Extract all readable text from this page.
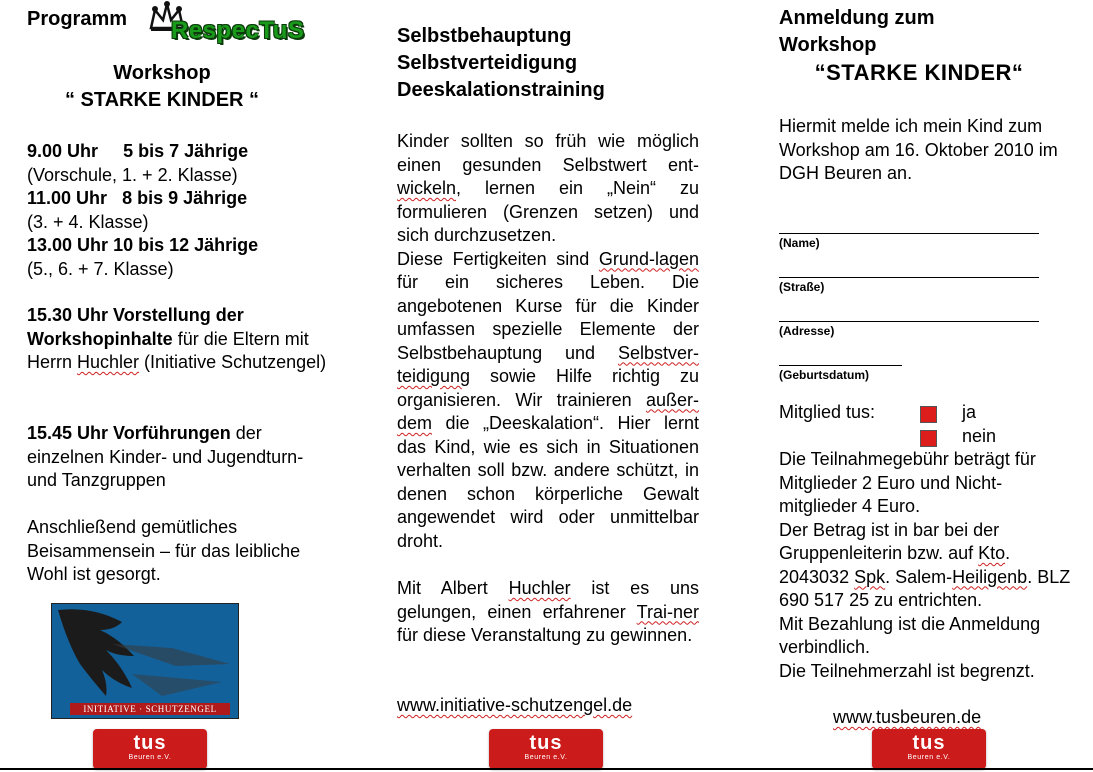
Programm RespecTuS
Workshop
“ STARKE KINDER “
9.00 Uhr 5 bis 7 Jährige
(Vorschule, 1. + 2. Klasse)
11.00 Uhr 8 bis 9 Jährige
(3. + 4. Klasse)
13.00 Uhr 10 bis 12 Jährige
(5., 6. + 7. Klasse)
15.30 Uhr Vorstellung der Workshopinhalte für die Eltern mit Herrn Huchler (Initiative Schutzengel)
15.45 Uhr Vorführungen der einzelnen Kinder- und Jugendturn- und Tanzgruppen
Anschließend gemütliches Beisammensein – für das leibliche Wohl ist gesorgt.
INITIATIVE · SCHUTZENGEL
Selbstbehauptung
Selbstverteidigung
Deeskalationstraining
Kinder sollten so früh wie möglich einen gesunden Selbstwert ent-wickeln, lernen ein „Nein“ zu formulieren (Grenzen setzen) und sich durchzusetzen.
Diese Fertigkeiten sind Grund-lagen für ein sicheres Leben. Die angebotenen Kurse für die Kinder umfassen spezielle Elemente der Selbstbehauptung und Selbstver-teidigung sowie Hilfe richtig zu organisieren. Wir trainieren außer-dem die „Deeskalation“. Hier lernt das Kind, wie es sich in Situationen verhalten soll bzw. andere schützt, in denen schon körperliche Gewalt angewendet wird oder unmittelbar droht.
Mit Albert Huchler ist es uns gelungen, einen erfahrener Trai-ner für diese Veranstaltung zu gewinnen.
www.initiative-schutzengel.de
Anmeldung zum
Workshop
“STARKE KINDER“
Hiermit melde ich mein Kind zum Workshop am 16. Oktober 2010 im DGH Beuren an.
(Name)
(Straße)
(Adresse)
(Geburtsdatum)
Mitglied tus:	ja
nein
Die Teilnahmegebühr beträgt für Mitglieder 2 Euro und Nicht-mitglieder 4 Euro.
Der Betrag ist in bar bei der Gruppenleiterin bzw. auf Kto. 2043032 Spk. Salem-Heiligenb. BLZ 690 517 25 zu entrichten.
Mit Bezahlung ist die Anmeldung verbindlich.
Die Teilnehmerzahl ist begrenzt.
www.tusbeuren.de
tus
Beuren e.V.
tus
Beuren e.V.
tus
Beuren e.V.
